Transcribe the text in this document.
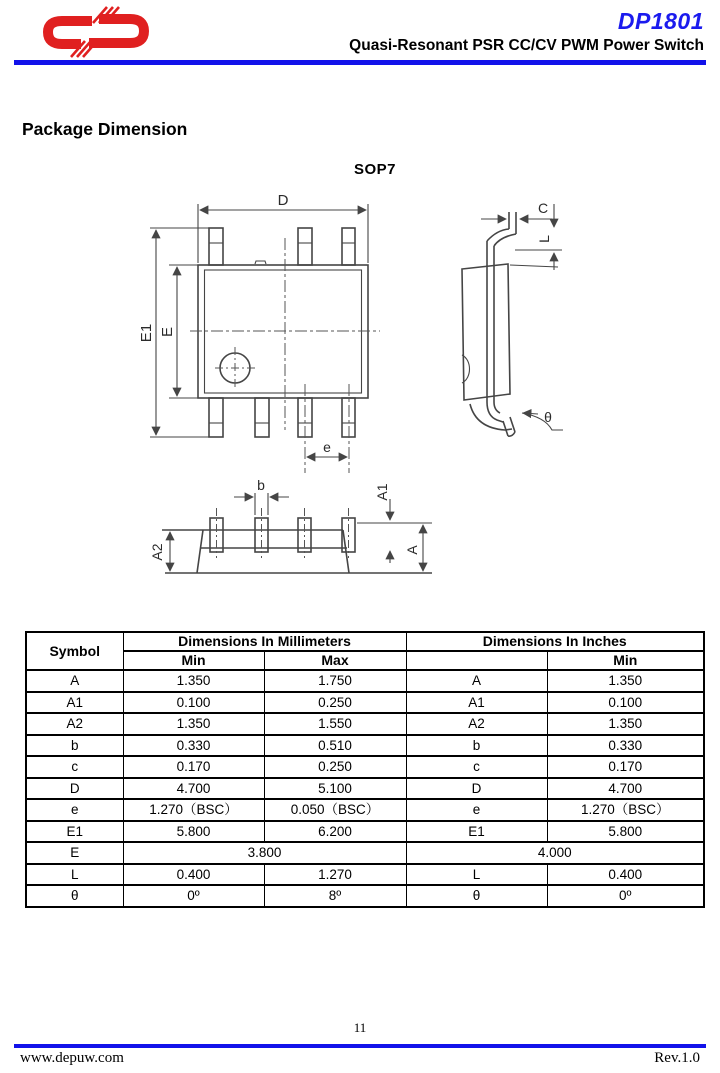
DP1801
Quasi-Resonant PSR CC/CV PWM Power Switch
Package Dimension
SOP7
D
E1 E
e
C
L
θ
b	A1
A
A2
Symbol	Dimensions In Millimeters		Dimensions In Inches	
	Min	Max		Min
A	1.350	1.750	A	1.350
A1	0.100	0.250	A1	0.100
A2	1.350	1.550	A2	1.350
b	0.330	0.510	b	0.330
c	0.170	0.250	c	0.170
D	4.700	5.100	D	4.700
e	1.270（BSC）	0.050（BSC）	e	1.270（BSC）
E1	5.800	6.200	E1	5.800
E	3.800		4.000	
L	0.400	1.270	L	0.400
θ	0º	8º	θ	0º
11
www.depuw.com	Rev.1.0
